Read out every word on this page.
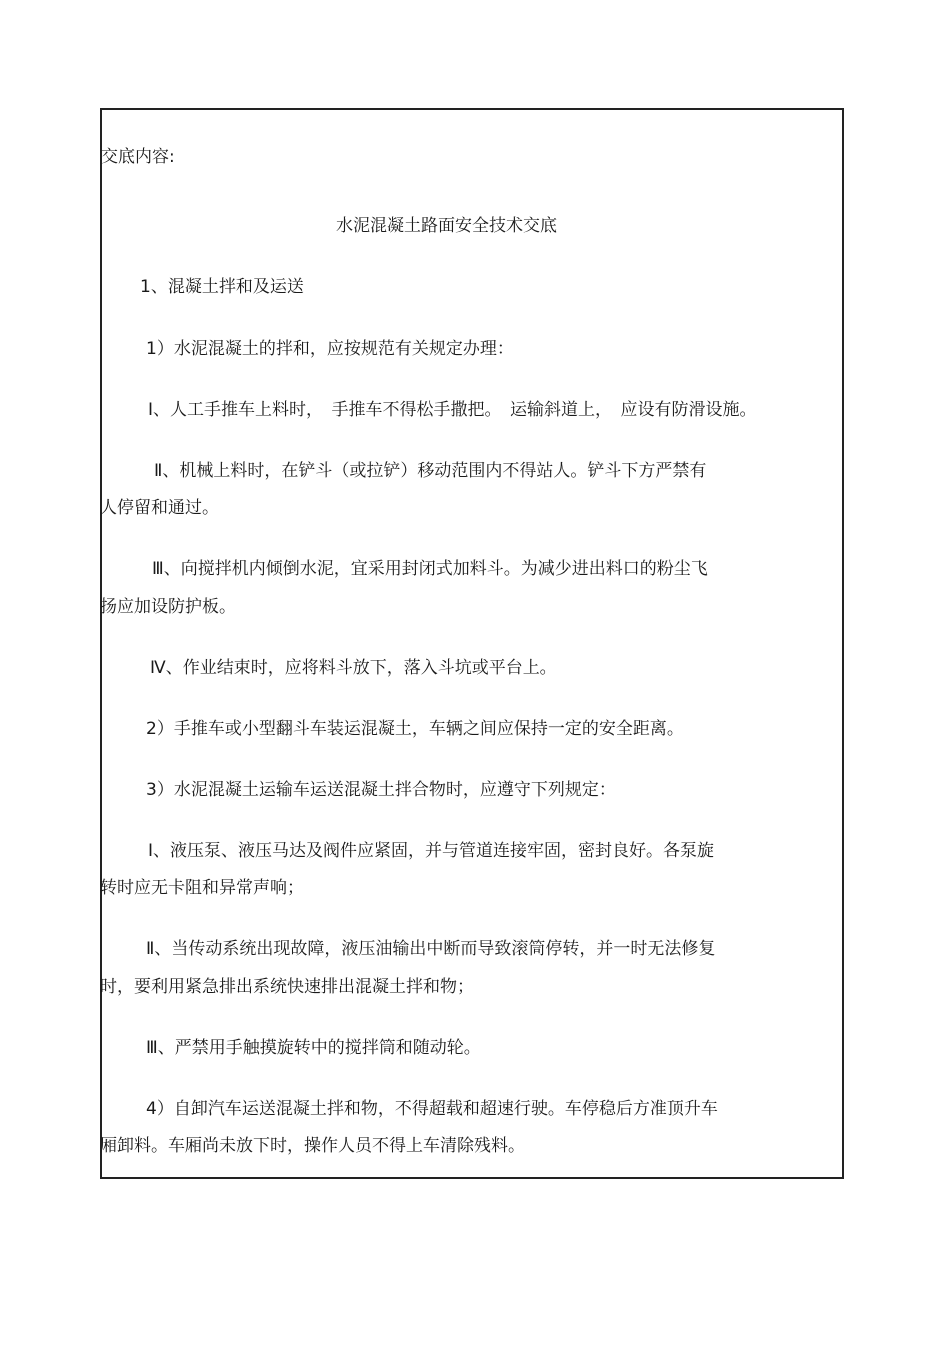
交底内容:
水泥混凝土路面安全技术交底
1、混凝土拌和及运送
1）水泥混凝土的拌和，应按规范有关规定办理：
Ⅰ、人工手推车上料时，　手推车不得松手撒把。　运输斜道上，　应设有防滑设施。
Ⅱ、机械上料时，在铲斗（或拉铲）移动范围内不得站人。铲斗下方严禁有
人停留和通过。
Ⅲ、向搅拌机内倾倒水泥，宜采用封闭式加料斗。为减少进出料口的粉尘飞
扬应加设防护板。
Ⅳ、作业结束时，应将料斗放下，落入斗坑或平台上。
2）手推车或小型翻斗车装运混凝土，车辆之间应保持一定的安全距离。
3）水泥混凝土运输车运送混凝土拌合物时，应遵守下列规定：
Ⅰ、液压泵、液压马达及阀件应紧固，并与管道连接牢固，密封良好。各泵旋
转时应无卡阻和异常声响；
Ⅱ、当传动系统出现故障，液压油输出中断而导致滚筒停转，并一时无法修复
时，要利用紧急排出系统快速排出混凝土拌和物；
Ⅲ、严禁用手触摸旋转中的搅拌筒和随动轮。
4）自卸汽车运送混凝土拌和物，不得超载和超速行驶。车停稳后方准顶升车
厢卸料。车厢尚未放下时，操作人员不得上车清除残料。
